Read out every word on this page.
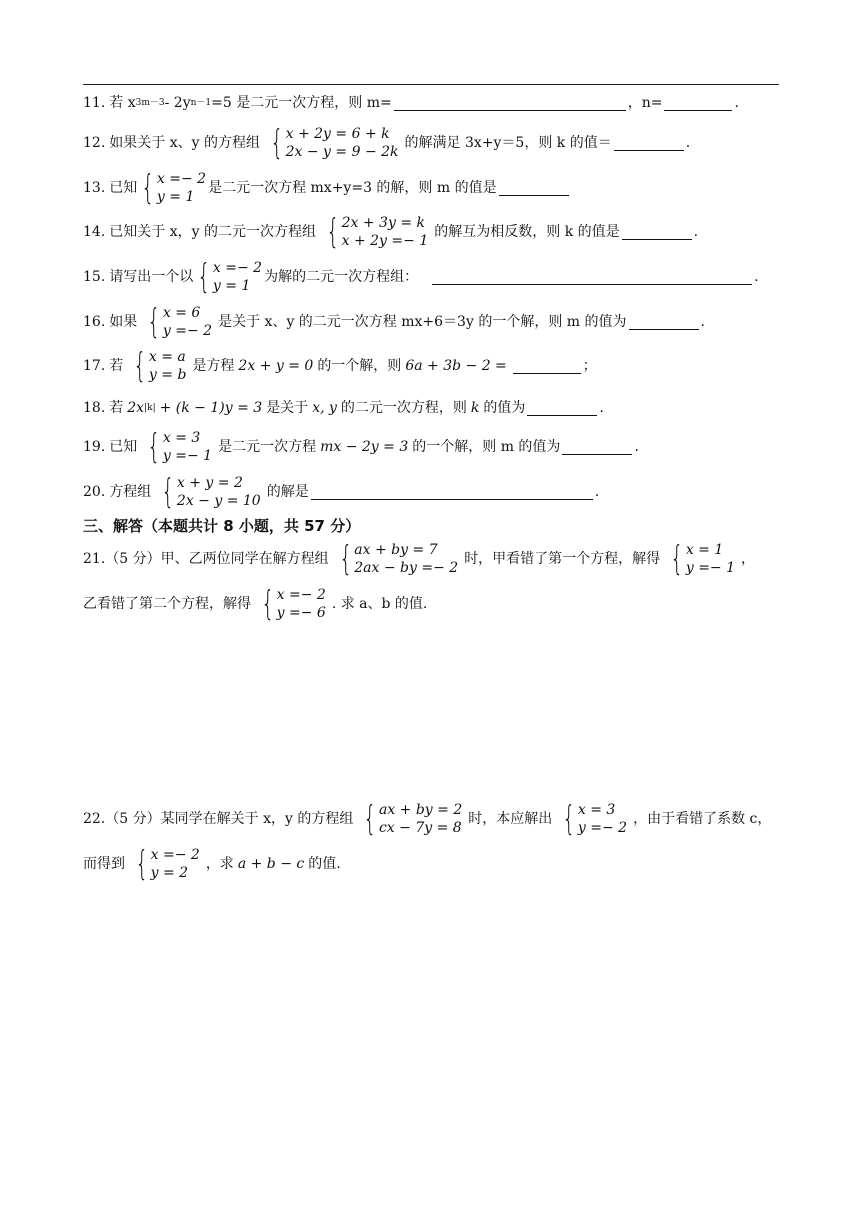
11. 若 x 3m－3 - 2y n－1 =5 是二元一次方程，则 m=	，n=	.
12. 如果关于 x、y 的方程组 { x + 2y = 6 + k
2x − y = 9 − 2k
的解满足 3x+y＝5，则 k 的值＝	.
13. 已知 { x =− 2
y = 1
是二元一次方程 mx+y=3 的解，则 m 的值是
14. 已知关于 x，y 的二元一次方程组 { 2x + 3y = k
x + 2y =− 1
的解互为相反数，则 k 的值是	.
15. 请写出一个以 { x =− 2
y = 1
为解的二元一次方程组：	.
16. 如果 { x = 6
y =− 2
是关于 x、y 的二元一次方程 mx+6＝3y 的一个解，则 m 的值为	.
17. 若 { x = a
y = b
是方程 2x + y = 0 的一个解，则 6a + 3b − 2 =	；
18. 若 2x |k| + (k − 1)y = 3 是关于 x, y 的二元一次方程，则 k 的值为	.
19. 已知 { x = 3
y =− 1
是二元一次方程 mx − 2y = 3 的一个解，则 m 的值为	.
20. 方程组 { x + y = 2
2x − y = 10
的解是	.
三、解答（本题共计 8 小题，共 57 分）
21. （5 分）甲、乙两位同学在解方程组 { ax + by = 7
2ax − by =− 2
时，甲看错了第一个方程，解得 { x = 1
y =− 1
，
乙看错了第二个方程，解得 { x =− 2
y =− 6
. 求 a、b 的值.
22. （5 分）某同学在解关于 x，y 的方程组 { ax + by = 2
cx − 7y = 8
时，本应解出 { x = 3
y =− 2
，由于看错了系数 c，
而得到 { x =− 2
y = 2
，求 a + b − c 的值.
